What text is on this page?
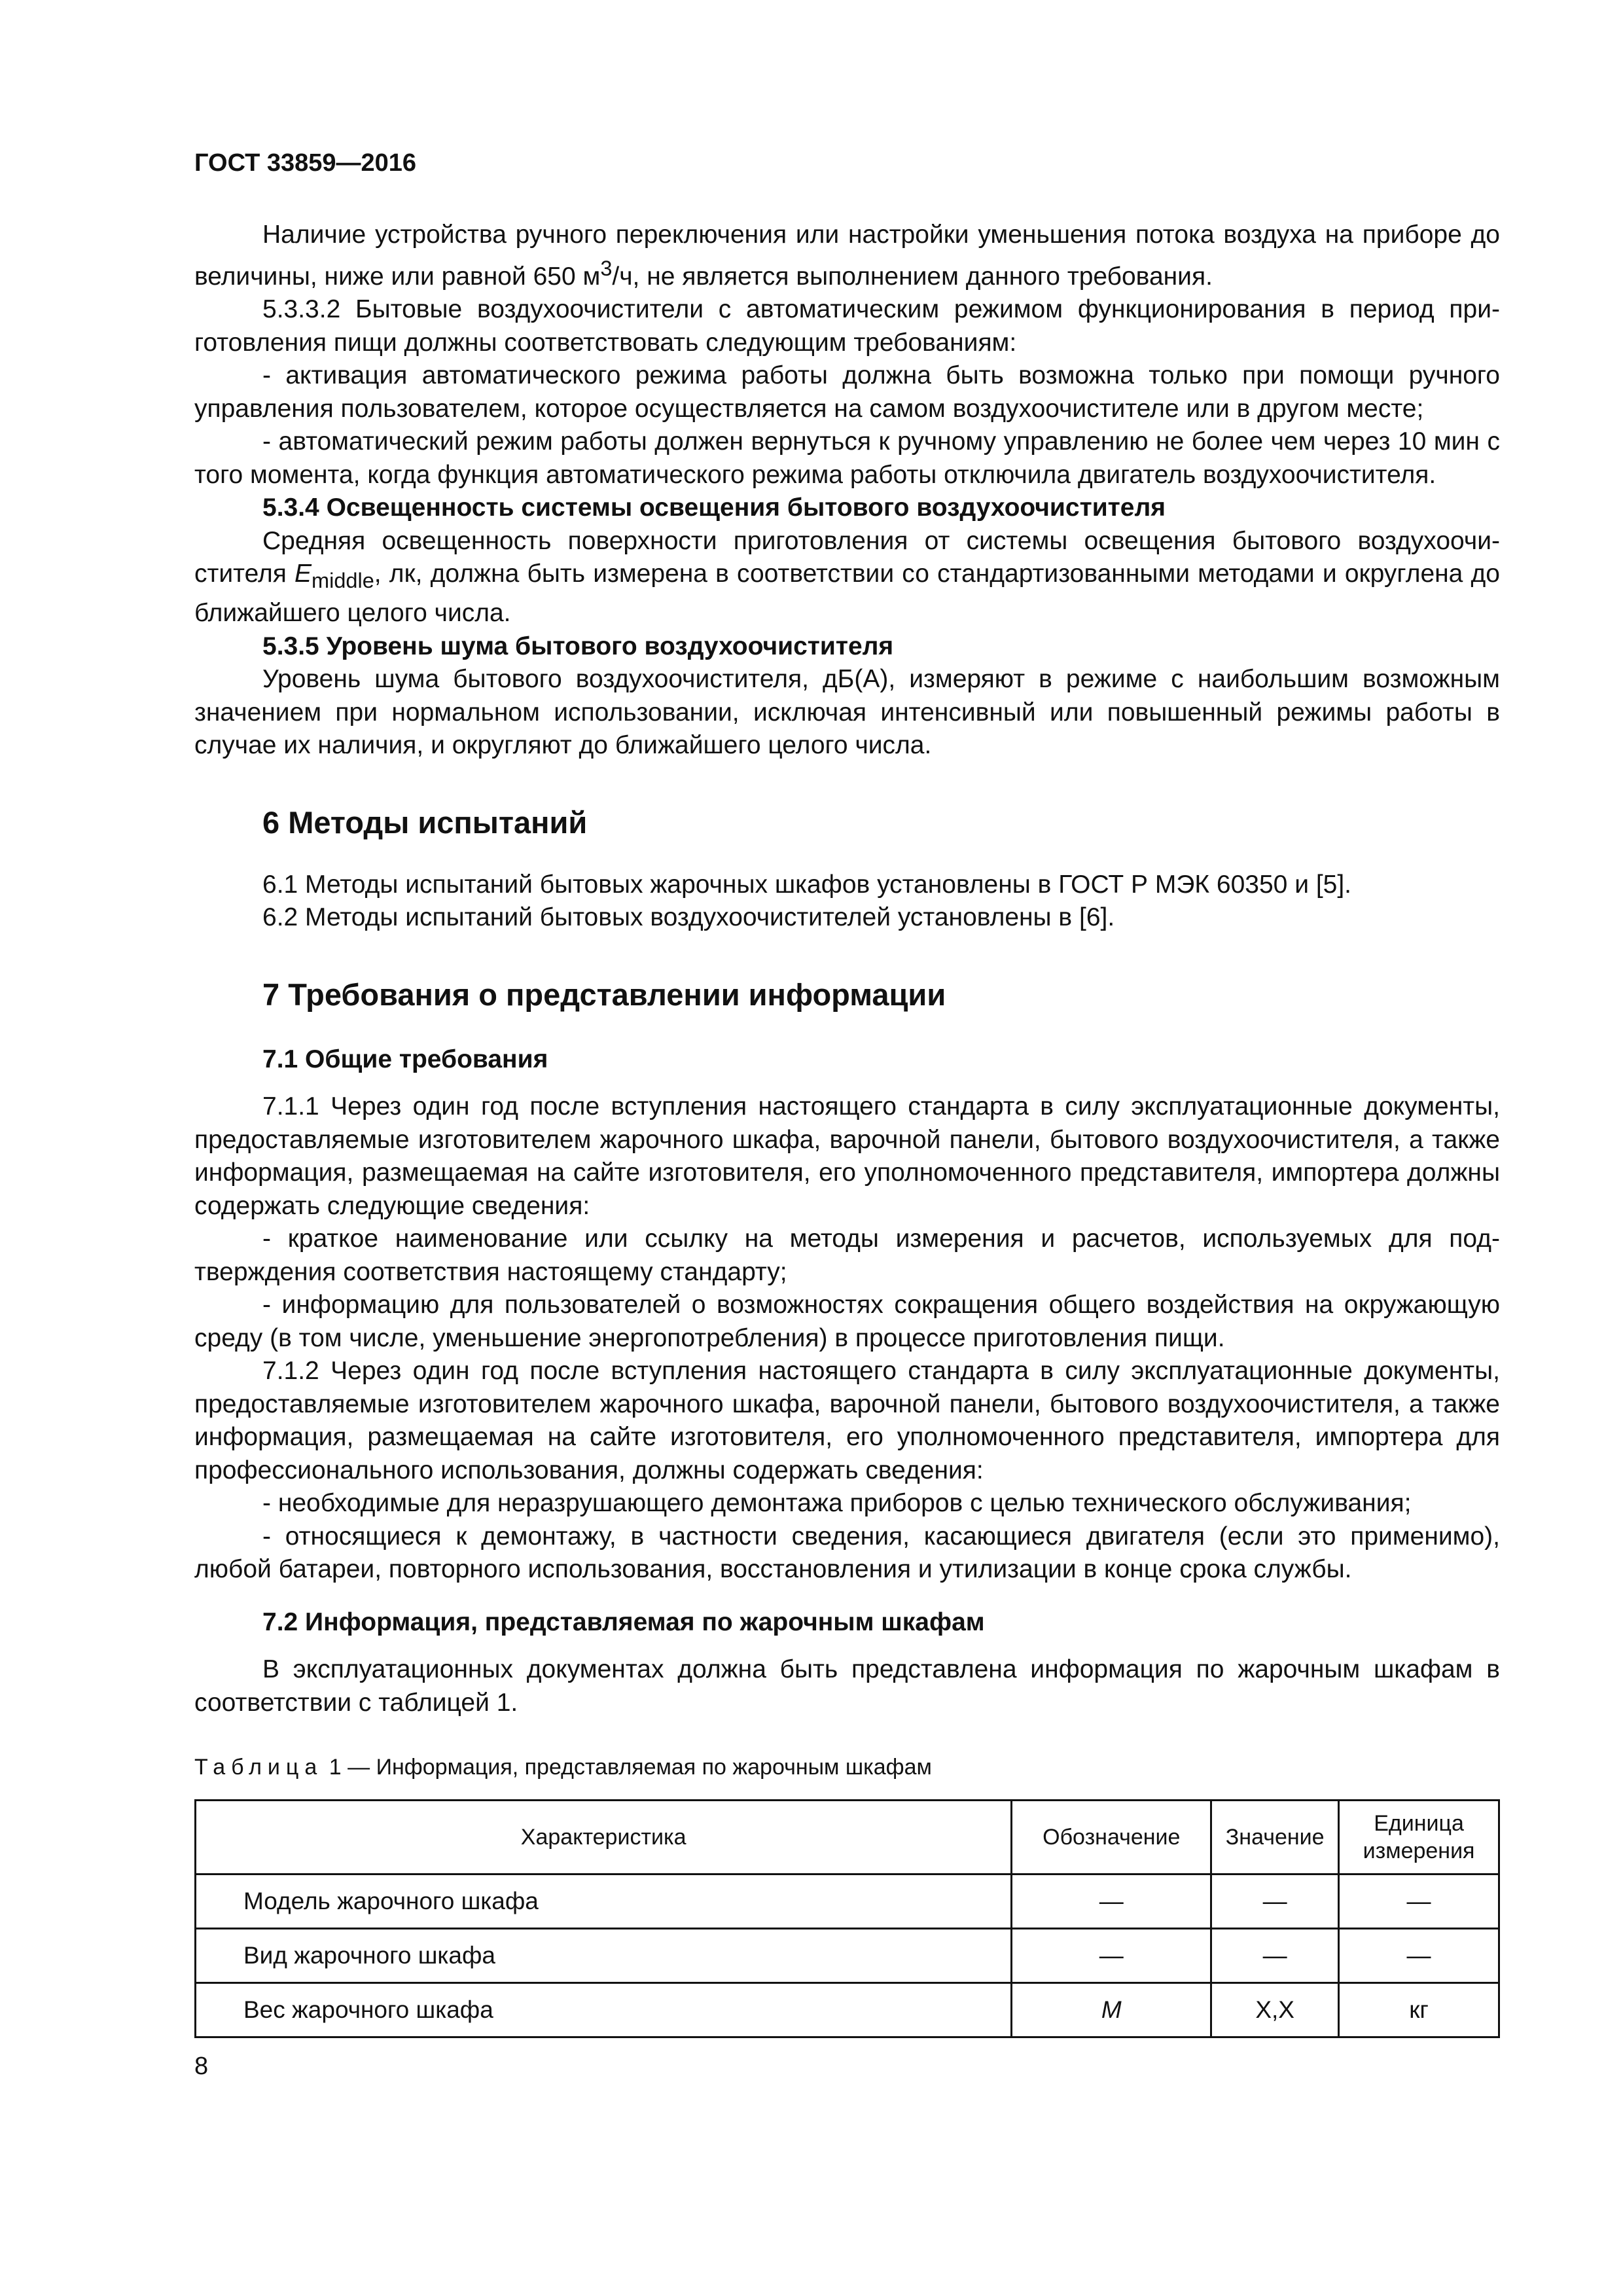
ГОСТ 33859—2016

Наличие устройства ручного переключения или настройки уменьшения потока воздуха на приборе до величины, ниже или равной 650 $м^3/ч$, не является выполнением данного требования.

5.3.3.2 Бытовые воздухоочистители с автоматическим режимом функционирования в период приготовления пищи должны соответствовать следующим требованиям:

- активация автоматического режима работы должна быть возможна только при помощи ручного управления пользователем, которое осуществляется на самом воздухоочистителе или в другом месте;

- автоматический режим работы должен вернуться к ручному управлению не более чем через 10 мин с того момента, когда функция автоматического режима работы отключила двигатель воздухоочистителя.

5.3.4 Освещенность системы освещения бытового воздухоочистителя

Средняя освещенность поверхности приготовления от системы освещения бытового воздухоочистителя $E_{middle}$, лк, должна быть измерена в соответствии со стандартизованными методами и округлена до ближайшего целого числа.

5.3.5 Уровень шума бытового воздухоочистителя

Уровень шума бытового воздухоочистителя, дБ(А), измеряют в режиме с наибольшим возможным значением при нормальном использовании, исключая интенсивный или повышенный режимы работы в случае их наличия, и округляют до ближайшего целого числа.

6 Методы испытаний

6.1 Методы испытаний бытовых жарочных шкафов установлены в ГОСТ Р МЭК 60350 и [5].

6.2 Методы испытаний бытовых воздухоочистителей установлены в [6].

7 Требования о представлении информации
7.1 Общие требования

7.1.1 Через один год после вступления настоящего стандарта в силу эксплуатационные документы, предоставляемые изготовителем жарочного шкафа, варочной панели, бытового воздухоочистителя, а также информация, размещаемая на сайте изготовителя, его уполномоченного представителя, импортера должны содержать следующие сведения:

- краткое наименование или ссылку на методы измерения и расчетов, используемых для подтверждения соответствия настоящему стандарту;

- информацию для пользователей о возможностях сокращения общего воздействия на окружающую среду (в том числе, уменьшение энергопотребления) в процессе приготовления пищи.

7.1.2 Через один год после вступления настоящего стандарта в силу эксплуатационные документы, предоставляемые изготовителем жарочного шкафа, варочной панели, бытового воздухоочистителя, а также информация, размещаемая на сайте изготовителя, его уполномоченного представителя, импортера для профессионального использования, должны содержать сведения:

- необходимые для неразрушающего демонтажа приборов с целью технического обслуживания;

- относящиеся к демонтажу, в частности сведения, касающиеся двигателя (если это применимо), любой батареи, повторного использования, восстановления и утилизации в конце срока службы.

7.2 Информация, представляемая по жарочным шкафам

В эксплуатационных документах должна быть представлена информация по жарочным шкафам в соответствии с таблицей 1.

Таблица 1 — Информация, представляемая по жарочным шкафам
Характеристика	Обозначение	Значение	Единица
измерения
Модель жарочного шкафа	—	—	—
Вид жарочного шкафа	—	—	—
Вес жарочного шкафа	M	X,X	кг
8
